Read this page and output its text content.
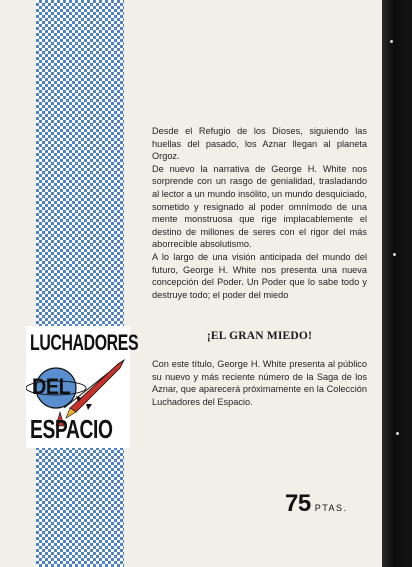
LUCHADORES
DEL
ESPACIO

Desde el Refugio de los Dioses, siguiendo las huellas del pasado, los Aznar llegan al planeta Orgoz.

De nuevo la narrativa de George H. White nos sorprende con un rasgo de genialidad, trasladando al lector a un mundo insólito, un mundo desquiciado, sometido y resignado al poder omnímodo de una mente monstruosa que rige implacablemente el destino de millones de seres con el rigor del más aborrecible absolutismo.

A lo largo de una visión anticipada del mundo del futuro, George H. White nos presenta una nueva concepción del Poder. Un Poder que lo sabe todo y destruye todo; el poder del miedo

¡EL GRAN MIEDO!
Con este título, George H. White presenta al público su nuevo y más reciente número de la Saga de los Aznar, que aparecerá próximamente en la Colección Luchadores del Espacio.
75 PTAS.
